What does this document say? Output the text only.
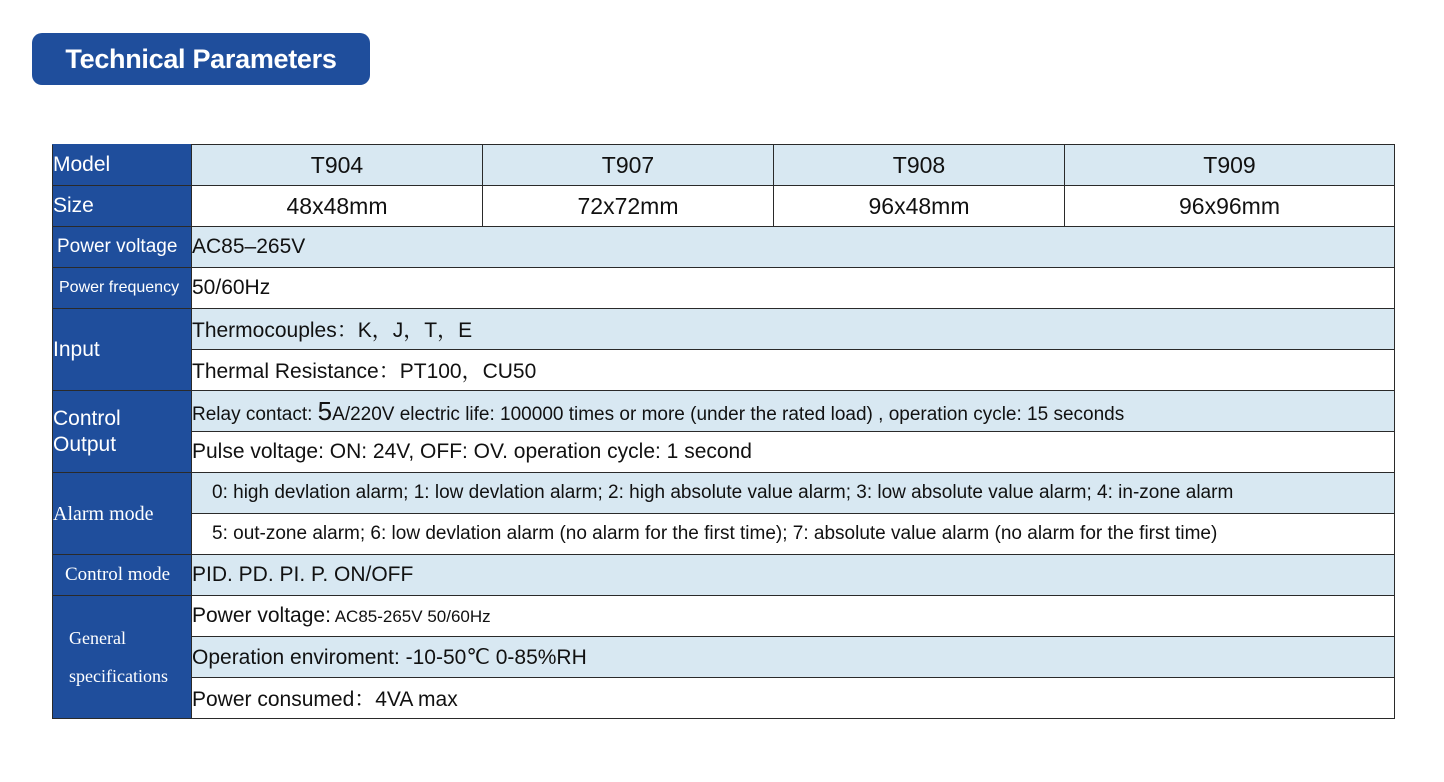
Technical Parameters
Model	T904	T907	T908	T909
Size	48x48mm	72x72mm	96x48mm	96x96mm
Power voltage	AC85–265V			
Power frequency	50/60Hz			
Input	Thermocouples：K，J，T，E			
	Thermal Resistance：PT100，CU50			

Control
Output	Relay contact: 5A/220V electric life: 100000 times or more (under the rated load) , operation cycle: 15 seconds			
	Pulse voltage: ON: 24V, OFF: OV. operation cycle: 1 second			
Alarm mode	0: high devlation alarm; 1: low devlation alarm; 2: high absolute value alarm; 3: low absolute value alarm; 4: in-zone alarm			
	5: out-zone alarm; 6: low devlation alarm (no alarm for the first time); 7: absolute value alarm (no alarm for the first time)			
Control mode	PID. PD. PI. P. ON/OFF			

General
specifications	Power voltage: AC85-265V 50/60Hz			
	Operation enviroment: -10-50℃ 0-85%RH			
	Power consumed：4VA max			
